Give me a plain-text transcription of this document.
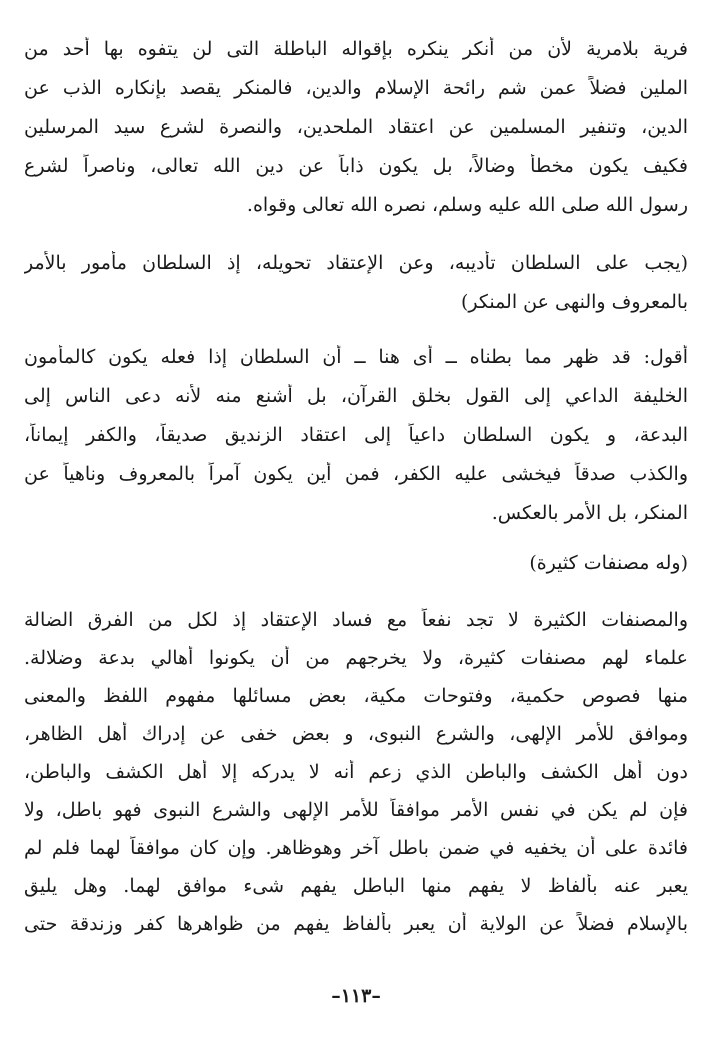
فرية بلامرية لأن من أنكر ينكره بإقواله الباطلة التى لن يتفوه بها أحد من
الملين فضلاً عمن شم رائحة الإسلام والدين، فالمنكر يقصد بإنكاره الذب عن
الدين، وتنفير المسلمين عن اعتقاد الملحدين، والنصرة لشرع سيد المرسلين
فكيف يكون مخطأ وضالاً، بل يكون ذاباً عن دين الله تعالى، وناصراً لشرع
رسول الله صلى الله عليه وسلم، نصره الله تعالى وقواه.
(يجب على السلطان تأديبه، وعن الإعتقاد تحويله، إذ السلطان مأمور بالأمر
بالمعروف والنهى عن المنكر)
أقول: قد ظهر مما بطناه ــ أى هنا ــ أن السلطان إذا فعله يكون كالمأمون
الخليفة الداعي إلى القول بخلق القرآن، بل أشنع منه لأنه دعى الناس إلى
البدعة، و يكون السلطان داعياً إلى اعتقاد الزنديق صديقاً، والكفر إيماناً،
والكذب صدقاً فيخشى عليه الكفر، فمن أين يكون آمراً بالمعروف وناهياً عن
المنكر، بل الأمر بالعكس.
(وله مصنفات كثيرة)
والمصنفات الكثيرة لا تجد نفعاً مع فساد الإعتقاد إذ لكل من الفرق الضالة
علماء لهم مصنفات كثيرة، ولا يخرجهم من أن يكونوا أهالي بدعة وضلالة.
منها فصوص حكمية، وفتوحات مكية، بعض مسائلها مفهوم اللفظ والمعنى
وموافق للأمر الإلهى، والشرع النبوى، و بعض خفى عن إدراك أهل الظاهر،
دون أهل الكشف والباطن الذي زعم أنه لا يدركه إلا أهل الكشف والباطن،
فإن لم يكن في نفس الأمر موافقاً للأمر الإلهى والشرع النبوى فهو باطل، ولا
فائدة على أن يخفيه في ضمن باطل آخر وهوظاهر. وإن كان موافقاً لهما فلم لم
يعبر عنه بألفاظ لا يفهم منها الباطل يفهم شىء موافق لهما. وهل يليق
بالإسلام فضلاً عن الولاية أن يعبر بألفاظ يفهم من ظواهرها كفر وزندقة حتى
–١١٣–
